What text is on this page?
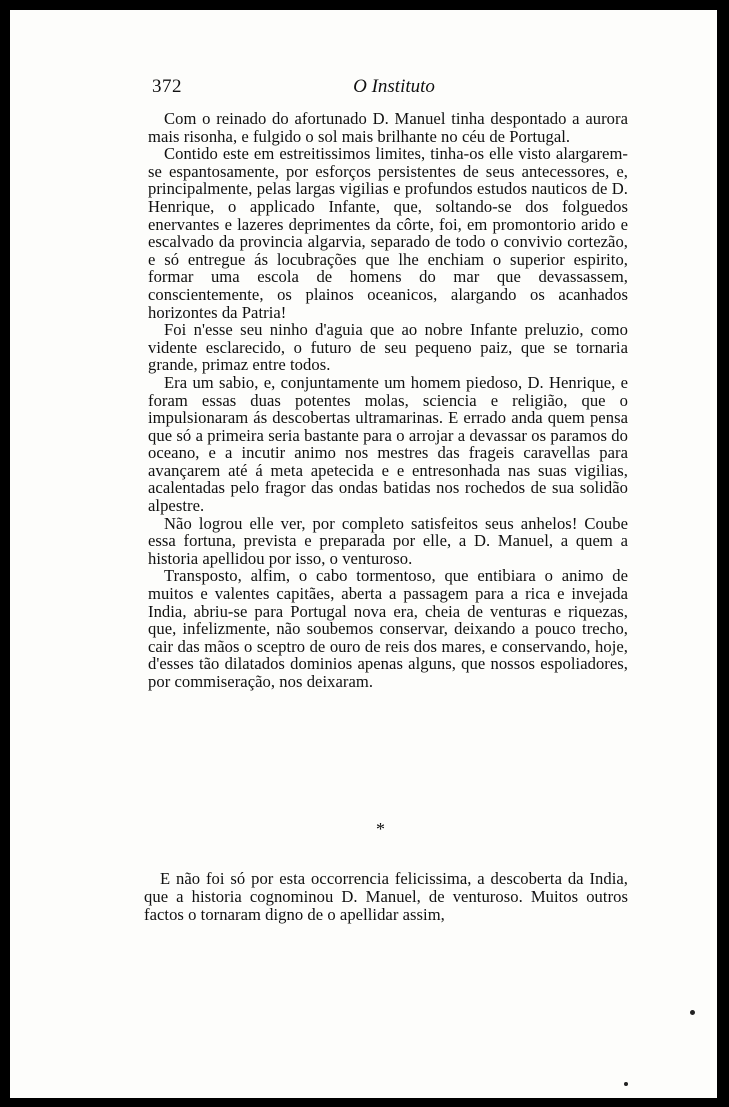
372	O Instituto

Com o reinado do afortunado D. Manuel tinha despontado a aurora mais risonha, e fulgido o sol mais brilhante no céu de Portugal.

Contido este em estreitissimos limites, tinha-os elle visto alargarem-se espantosamente, por esforços persistentes de seus antecessores, e, principalmente, pelas largas vigilias e profundos estudos nauticos de D. Henrique, o applicado Infante, que, soltando-se dos folguedos enervantes e lazeres deprimentes da côrte, foi, em promontorio arido e escalvado da provincia algarvia, separado de todo o convivio cortezão, e só entregue ás locubrações que lhe enchiam o superior espirito, formar uma escola de homens do mar que devassassem, conscientemente, os plainos oceanicos, alargando os acanhados horizontes da Patria!

Foi n'esse seu ninho d'aguia que ao nobre Infante preluzio, como vidente esclarecido, o futuro de seu pequeno paiz, que se tornaria grande, primaz entre todos.

Era um sabio, e, conjuntamente um homem piedoso, D. Henrique, e foram essas duas potentes molas, sciencia e religião, que o impulsionaram ás descobertas ultramarinas. E errado anda quem pensa que só a primeira seria bastante para o arrojar a devassar os paramos do oceano, e a incutir animo nos mestres das frageis caravellas para avançarem até á meta apetecida e e entresonhada nas suas vigilias, acalentadas pelo fragor das ondas batidas nos rochedos de sua solidão alpestre.

Não logrou elle ver, por completo satisfeitos seus anhelos! Coube essa fortuna, prevista e preparada por elle, a D. Manuel, a quem a historia apellidou por isso, o venturoso.

Transposto, alfim, o cabo tormentoso, que entibiara o animo de muitos e valentes capitães, aberta a passagem para a rica e invejada India, abriu-se para Portugal nova era, cheia de venturas e riquezas, que, infelizmente, não soubemos conservar, deixando a pouco trecho, cair das mãos o sceptro de ouro de reis dos mares, e conservando, hoje, d'esses tão dilatados dominios apenas alguns, que nossos espoliadores, por commiseração, nos deixaram.

*

E não foi só por esta occorrencia felicissima, a descoberta da India, que a historia cognominou D. Manuel, de venturoso. Muitos outros factos o tornaram digno de o apellidar assim,
